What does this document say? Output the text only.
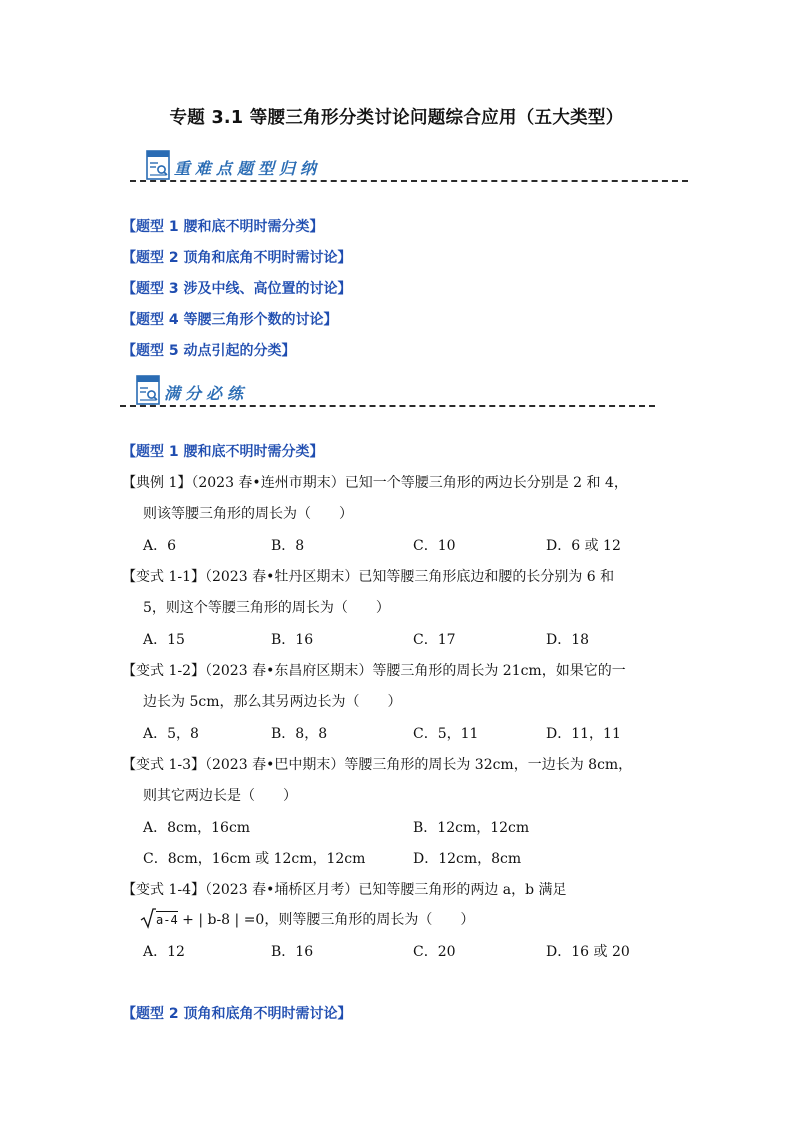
专题 3.1 等腰三角形分类讨论问题综合应用（五大类型）
重难点题型归纳
【题型 1 腰和底不明时需分类】
【题型 2 顶角和底角不明时需讨论】
【题型 3 涉及中线、高位置的讨论】
【题型 4 等腰三角形个数的讨论】
【题型 5 动点引起的分类】
满分必练
【题型 1 腰和底不明时需分类】
【典例 1】（2023 春•连州市期末）已知一个等腰三角形的两边长分别是 2 和 4，
则该等腰三角形的周长为（　　）
A．6	B．8	C．10	D．6 或 12
【变式 1-1】（2023 春•牡丹区期末）已知等腰三角形底边和腰的长分别为 6 和
5，则这个等腰三角形的周长为（　　）
A．15	B．16	C．17	D．18
【变式 1-2】（2023 春•东昌府区期末）等腰三角形的周长为 21cm，如果它的一
边长为 5cm，那么其另两边长为（　　）
A．5，8	B．8，8	C．5，11	D．11，11
【变式 1-3】（2023 春•巴中期末）等腰三角形的周长为 32cm，一边长为 8cm，
则其它两边长是（　　）
A．8cm，16cm	B．12cm，12cm
C．8cm，16cm 或 12cm，12cm	D．12cm，8cm
【变式 1-4】（2023 春•埇桥区月考）已知等腰三角形的两边 a，b 满足
a-4 + | b-8 | =0，则等腰三角形的周长为（　　）
A．12	B．16	C．20	D．16 或 20
【题型 2 顶角和底角不明时需讨论】
